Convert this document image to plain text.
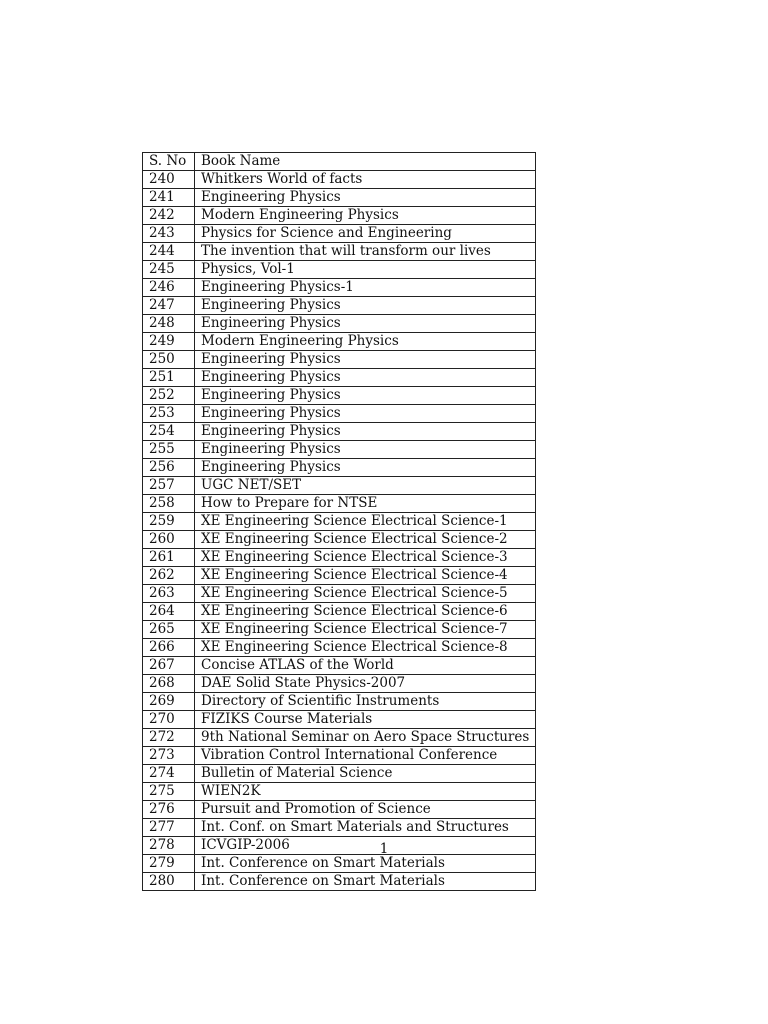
S. No	Book Name
240	Whitkers World of facts
241	Engineering Physics
242	Modern Engineering Physics
243	Physics for Science and Engineering
244	The invention that will transform our lives
245	Physics, Vol-1
246	Engineering Physics-1
247	Engineering Physics
248	Engineering Physics
249	Modern Engineering Physics
250	Engineering Physics
251	Engineering Physics
252	Engineering Physics
253	Engineering Physics
254	Engineering Physics
255	Engineering Physics
256	Engineering Physics
257	UGC NET/SET
258	How to Prepare for NTSE
259	XE Engineering Science Electrical Science-1
260	XE Engineering Science Electrical Science-2
261	XE Engineering Science Electrical Science-3
262	XE Engineering Science Electrical Science-4
263	XE Engineering Science Electrical Science-5
264	XE Engineering Science Electrical Science-6
265	XE Engineering Science Electrical Science-7
266	XE Engineering Science Electrical Science-8
267	Concise ATLAS of the World
268	DAE Solid State Physics-2007
269	Directory of Scientific Instruments
270	FIZIKS Course Materials
272	9th National Seminar on Aero Space Structures
273	Vibration Control International Conference
274	Bulletin of Material Science
275	WIEN2K
276	Pursuit and Promotion of Science
277	Int. Conf. on Smart Materials and Structures
278	ICVGIP-2006
279	Int. Conference on Smart Materials
280	Int. Conference on Smart Materials
1
